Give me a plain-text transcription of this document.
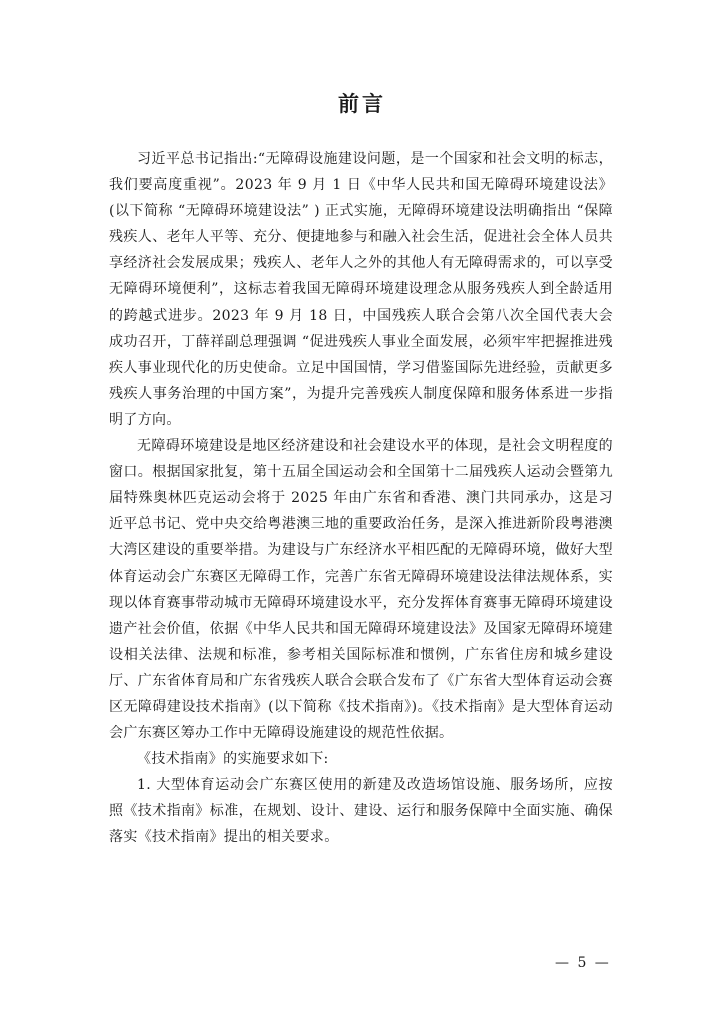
前言

习近平总书记指出:“无障碍设施建设问题，是一个国家和社会文明的标志，我们要高度重视”。2023 年 9 月 1 日《中华人民共和国无障碍环境建设法》(以下简称 “无障碍环境建设法” ) 正式实施，无障碍环境建设法明确指出 “保障残疾人、老年人平等、充分、便捷地参与和融入社会生活，促进社会全体人员共享经济社会发展成果；残疾人、老年人之外的其他人有无障碍需求的，可以享受无障碍环境便利”，这标志着我国无障碍环境建设理念从服务残疾人到全龄适用的跨越式进步。2023 年 9 月 18 日，中国残疾人联合会第八次全国代表大会成功召开，丁薛祥副总理强调 “促进残疾人事业全面发展，必须牢牢把握推进残疾人事业现代化的历史使命。立足中国国情，学习借鉴国际先进经验，贡献更多残疾人事务治理的中国方案”，为提升完善残疾人制度保障和服务体系进一步指明了方向。

无障碍环境建设是地区经济建设和社会建设水平的体现，是社会文明程度的窗口。根据国家批复，第十五届全国运动会和全国第十二届残疾人运动会暨第九届特殊奥林匹克运动会将于 2025 年由广东省和香港、澳门共同承办，这是习近平总书记、党中央交给粤港澳三地的重要政治任务，是深入推进新阶段粤港澳大湾区建设的重要举措。为建设与广东经济水平相匹配的无障碍环境，做好大型体育运动会广东赛区无障碍工作，完善广东省无障碍环境建设法律法规体系，实现以体育赛事带动城市无障碍环境建设水平，充分发挥体育赛事无障碍环境建设遗产社会价值，依据《中华人民共和国无障碍环境建设法》及国家无障碍环境建设相关法律、法规和标准，参考相关国际标准和惯例，广东省住房和城乡建设厅、广东省体育局和广东省残疾人联合会联合发布了《广东省大型体育运动会赛区无障碍建设技术指南》(以下简称《技术指南》)。《技术指南》是大型体育运动会广东赛区筹办工作中无障碍设施建设的规范性依据。

《技术指南》的实施要求如下:

1. 大型体育运动会广东赛区使用的新建及改造场馆设施、服务场所，应按照《技术指南》标准，在规划、设计、建设、运行和服务保障中全面实施、确保落实《技术指南》提出的相关要求。

— 5 —
